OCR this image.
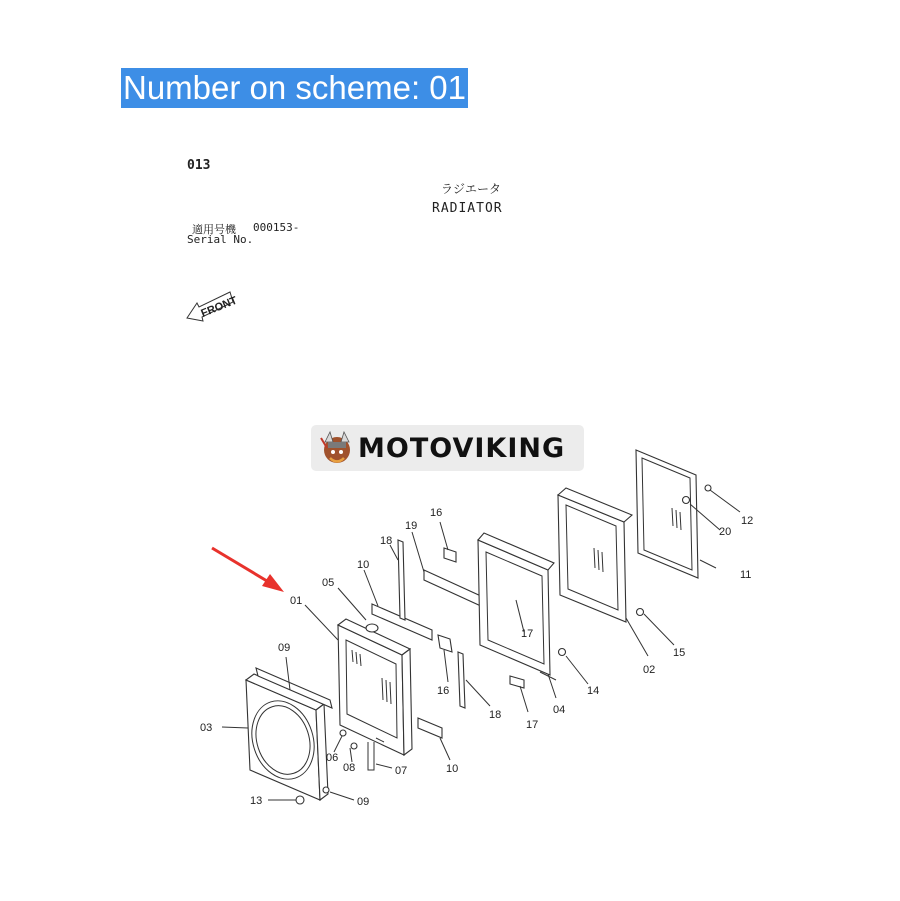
Number on scheme: 01
013
ラジエータ
RADIATOR
適用号機 000153-
Serial No.
FRONT
01
02
03
04
05
06
07
08
09
09
10
10
11
12
13
14
15
16
16
17
17
18
18
19	20
MOTOVIKING
